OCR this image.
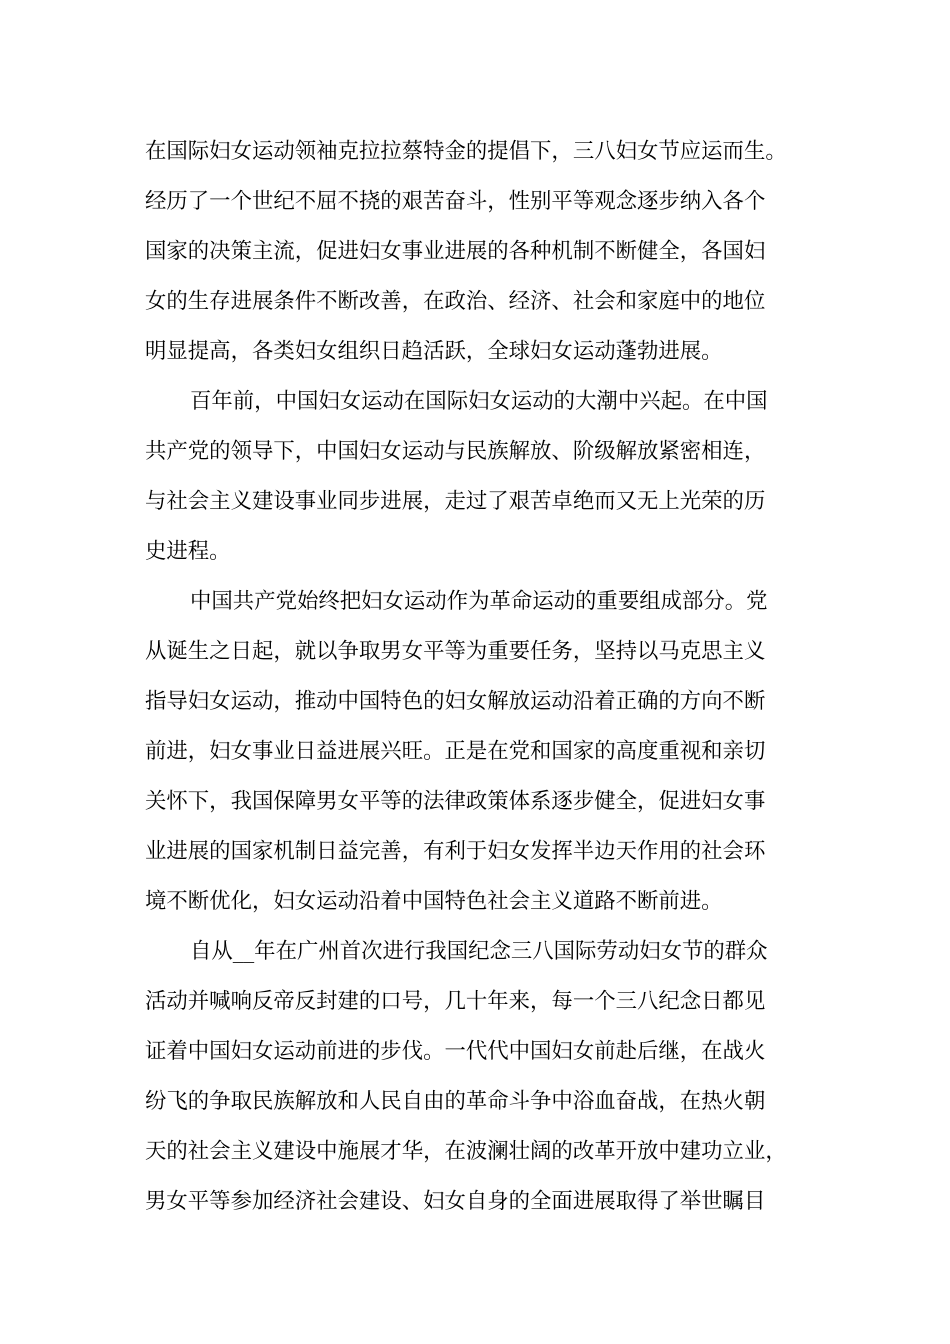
在国际妇女运动领袖克拉拉蔡特金的提倡下，三八妇女节应运而生。
经历了一个世纪不屈不挠的艰苦奋斗，性别平等观念逐步纳入各个
国家的决策主流，促进妇女事业进展的各种机制不断健全，各国妇
女的生存进展条件不断改善，在政治、经济、社会和家庭中的地位
明显提高，各类妇女组织日趋活跃，全球妇女运动蓬勃进展。
百年前，中国妇女运动在国际妇女运动的大潮中兴起。在中国
共产党的领导下，中国妇女运动与民族解放、阶级解放紧密相连，
与社会主义建设事业同步进展，走过了艰苦卓绝而又无上光荣的历
史进程。
中国共产党始终把妇女运动作为革命运动的重要组成部分。党
从诞生之日起，就以争取男女平等为重要任务，坚持以马克思主义
指导妇女运动，推动中国特色的妇女解放运动沿着正确的方向不断
前进，妇女事业日益进展兴旺。正是在党和国家的高度重视和亲切
关怀下，我国保障男女平等的法律政策体系逐步健全，促进妇女事
业进展的国家机制日益完善，有利于妇女发挥半边天作用的社会环
境不断优化，妇女运动沿着中国特色社会主义道路不断前进。
自从__年在广州首次进行我国纪念三八国际劳动妇女节的群众
活动并喊响反帝反封建的口号，几十年来，每一个三八纪念日都见
证着中国妇女运动前进的步伐。一代代中国妇女前赴后继，在战火
纷飞的争取民族解放和人民自由的革命斗争中浴血奋战，在热火朝
天的社会主义建设中施展才华，在波澜壮阔的改革开放中建功立业，
男女平等参加经济社会建设、妇女自身的全面进展取得了举世瞩目
